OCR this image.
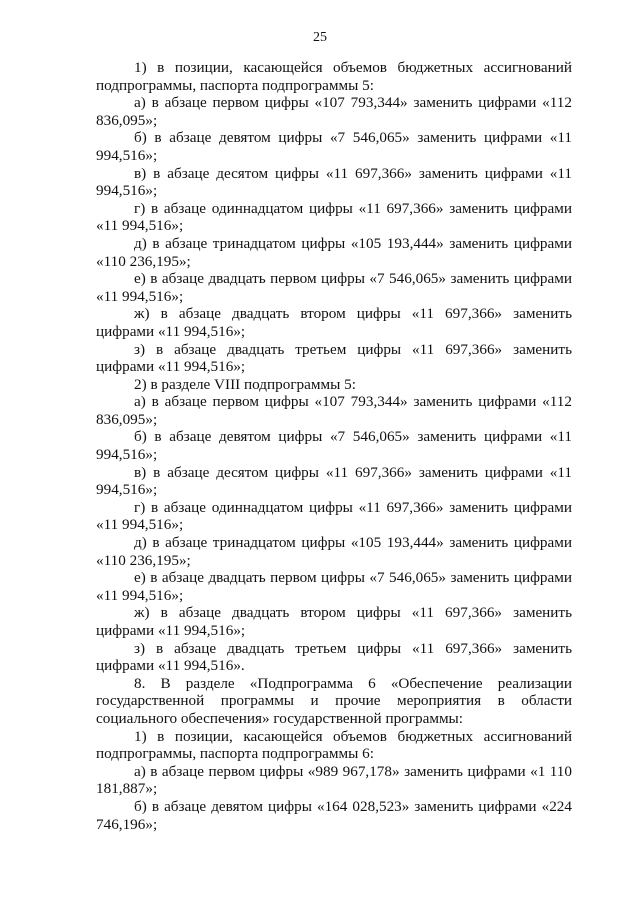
25

1) в позиции, касающейся объемов бюджетных ассигнований подпрограммы, паспорта подпрограммы 5:

а) в абзаце первом цифры «107 793,344» заменить цифрами «112 836,095»;

б) в абзаце девятом цифры «7 546,065» заменить цифрами «11 994,516»;

в) в абзаце десятом цифры «11 697,366» заменить цифрами «11 994,516»;

г) в абзаце одиннадцатом цифры «11 697,366» заменить цифрами «11 994,516»;

д) в абзаце тринадцатом цифры «105 193,444» заменить цифрами «110 236,195»;

е) в абзаце двадцать первом цифры «7 546,065» заменить цифрами «11 994,516»;

ж) в абзаце двадцать втором цифры «11 697,366» заменить цифрами «11 994,516»;

з) в абзаце двадцать третьем цифры «11 697,366» заменить цифрами «11 994,516»;

2) в разделе VIII подпрограммы 5:

а) в абзаце первом цифры «107 793,344» заменить цифрами «112 836,095»;

б) в абзаце девятом цифры «7 546,065» заменить цифрами «11 994,516»;

в) в абзаце десятом цифры «11 697,366» заменить цифрами «11 994,516»;

г) в абзаце одиннадцатом цифры «11 697,366» заменить цифрами «11 994,516»;

д) в абзаце тринадцатом цифры «105 193,444» заменить цифрами «110 236,195»;

е) в абзаце двадцать первом цифры «7 546,065» заменить цифрами «11 994,516»;

ж) в абзаце двадцать втором цифры «11 697,366» заменить цифрами «11 994,516»;

з) в абзаце двадцать третьем цифры «11 697,366» заменить цифрами «11 994,516».

8. В разделе «Подпрограмма 6 «Обеспечение реализации государственной программы и прочие мероприятия в области социального обеспечения» государственной программы:

1) в позиции, касающейся объемов бюджетных ассигнований подпрограммы, паспорта подпрограммы 6:

а) в абзаце первом цифры «989 967,178» заменить цифрами «1 110 181,887»;

б) в абзаце девятом цифры «164 028,523» заменить цифрами «224 746,196»;
